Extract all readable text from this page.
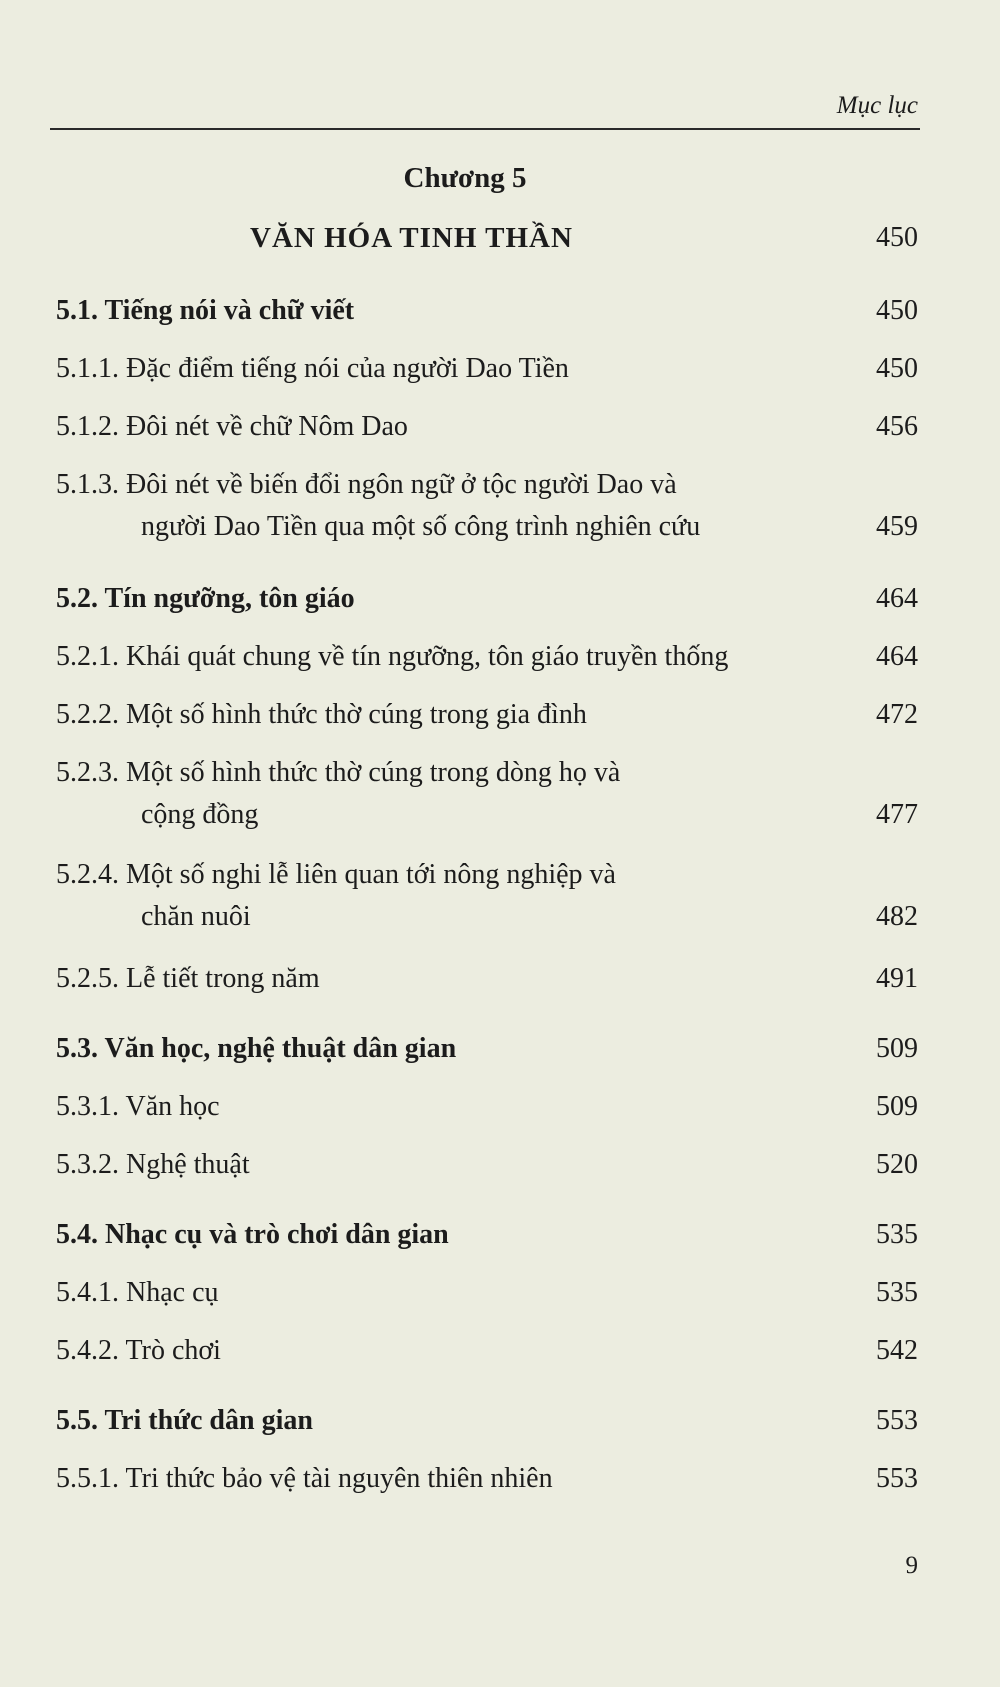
Mục lục
Chương 5
VĂN HÓA TINH THẦN	450
5.1. Tiếng nói và chữ viết	450
5.1.1. Đặc điểm tiếng nói của người Dao Tiền	450
5.1.2. Đôi nét về chữ Nôm Dao	456
5.1.3. Đôi nét về biến đổi ngôn ngữ ở tộc người Dao và
người Dao Tiền qua một số công trình nghiên cứu	459
5.2. Tín ngưỡng, tôn giáo	464
5.2.1. Khái quát chung về tín ngưỡng, tôn giáo truyền thống	464
5.2.2. Một số hình thức thờ cúng trong gia đình	472
5.2.3. Một số hình thức thờ cúng trong dòng họ và
cộng đồng	477
5.2.4. Một số nghi lễ liên quan tới nông nghiệp và
chăn nuôi	482
5.2.5. Lễ tiết trong năm	491
5.3. Văn học, nghệ thuật dân gian	509
5.3.1. Văn học	509
5.3.2. Nghệ thuật	520
5.4. Nhạc cụ và trò chơi dân gian	535
5.4.1. Nhạc cụ	535
5.4.2. Trò chơi	542
5.5. Tri thức dân gian	553
5.5.1. Tri thức bảo vệ tài nguyên thiên nhiên	553
9
